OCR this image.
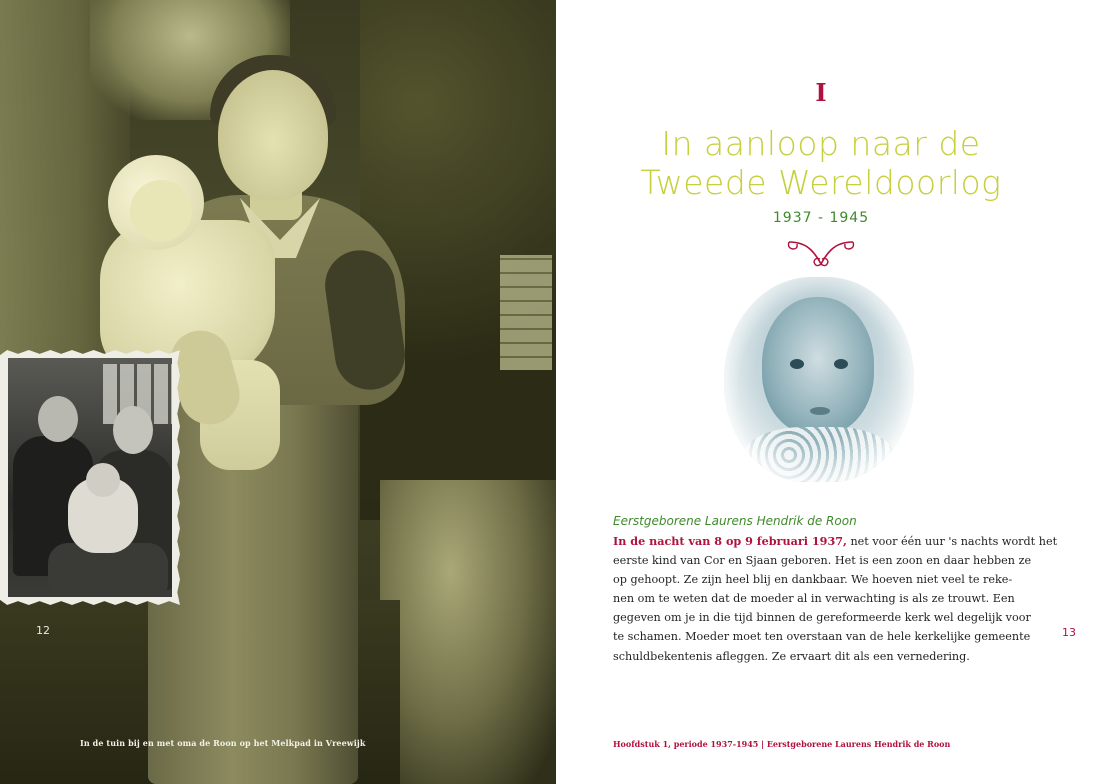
12
In de tuin bij en met oma de Roon op het Melkpad in Vreewijk
I
In aanloop naar de
Tweede Wereldoorlog
1937 - 1945
Eerstgeborene Laurens Hendrik de Roon
In de nacht van 8 op 9 februari 1937, net voor één uur 's nachts wordt het
eerste kind van Cor en Sjaan geboren. Het is een zoon en daar hebben ze
op gehoopt. Ze zijn heel blij en dankbaar. We hoeven niet veel te reke-
nen om te weten dat de moeder al in verwachting is als ze trouwt. Een
gegeven om je in die tijd binnen de gereformeerde kerk wel degelijk voor
te schamen. Moeder moet ten overstaan van de hele kerkelijke gemeente
schuldbekentenis afleggen. Ze ervaart dit als een vernedering.
13
Hoofdstuk 1, periode 1937-1945 | Eerstgeborene Laurens Hendrik de Roon
